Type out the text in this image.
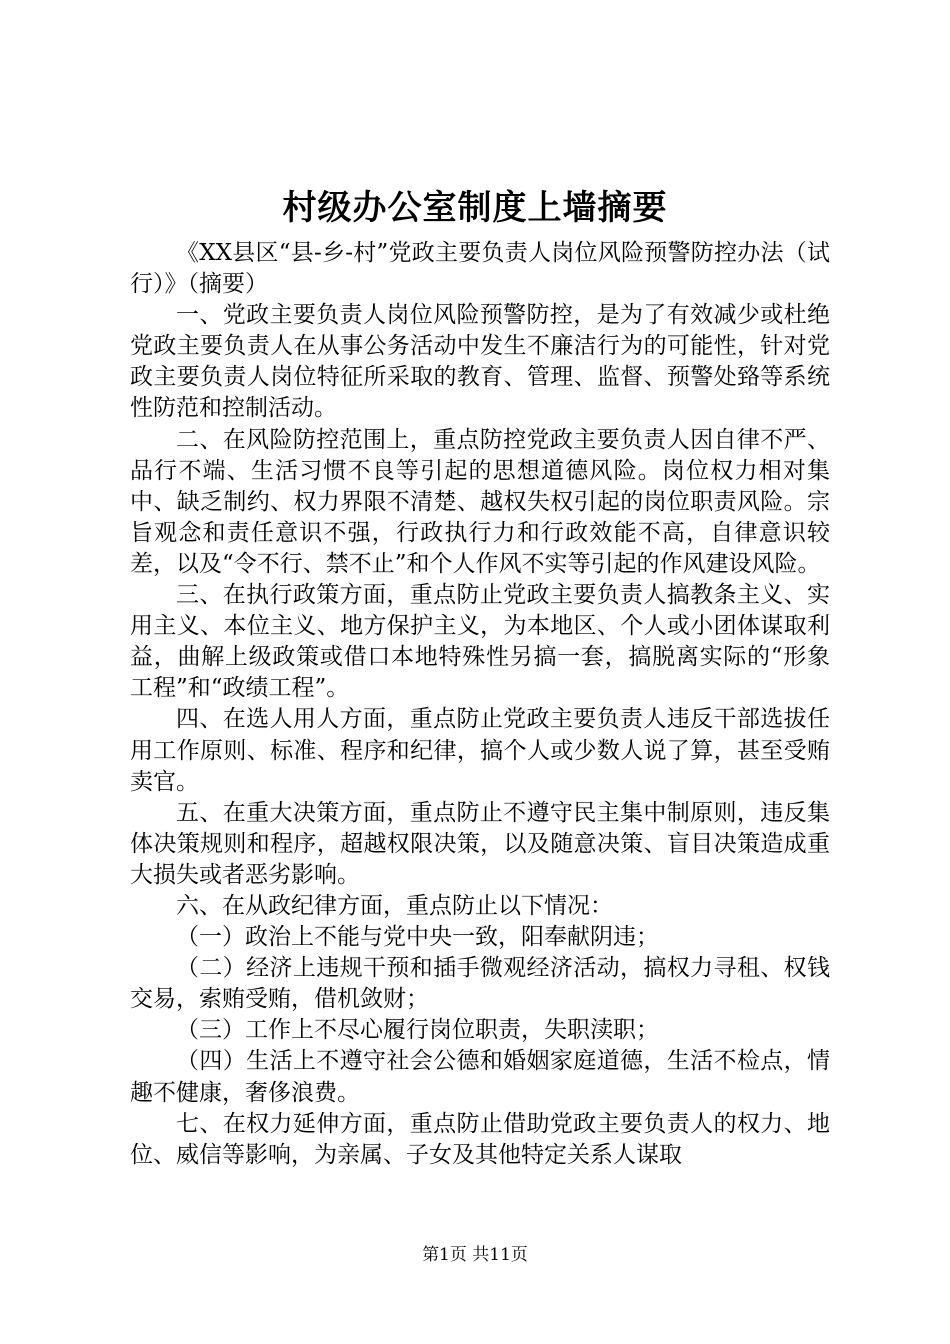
村级办公室制度上墙摘要

《XX县区“县-乡-村”党政主要负责人岗位风险预警防控办法（试行）》（摘要）

一、党政主要负责人岗位风险预警防控，是为了有效减少或杜绝党政主要负责人在从事公务活动中发生不廉洁行为的可能性，针对党政主要负责人岗位特征所采取的教育、管理、监督、预警处臵等系统性防范和控制活动。

二、在风险防控范围上，重点防控党政主要负责人因自律不严、品行不端、生活习惯不良等引起的思想道德风险。岗位权力相对集中、缺乏制约、权力界限不清楚、越权失权引起的岗位职责风险。宗旨观念和责任意识不强，行政执行力和行政效能不高，自律意识较差，以及“令不行、禁不止”和个人作风不实等引起的作风建设风险。

三、在执行政策方面，重点防止党政主要负责人搞教条主义、实用主义、本位主义、地方保护主义，为本地区、个人或小团体谋取利益，曲解上级政策或借口本地特殊性另搞一套，搞脱离实际的“形象工程”和“政绩工程”。

四、在选人用人方面，重点防止党政主要负责人违反干部选拔任用工作原则、标准、程序和纪律，搞个人或少数人说了算，甚至受贿卖官。

五、在重大决策方面，重点防止不遵守民主集中制原则，违反集体决策规则和程序，超越权限决策，以及随意决策、盲目决策造成重大损失或者恶劣影响。

六、在从政纪律方面，重点防止以下情况：

（一）政治上不能与党中央一致，阳奉献阴违；

（二）经济上违规干预和插手微观经济活动，搞权力寻租、权钱交易，索贿受贿，借机敛财；

（三）工作上不尽心履行岗位职责，失职渎职；

（四）生活上不遵守社会公德和婚姻家庭道德，生活不检点，情趣不健康，奢侈浪费。

七、在权力延伸方面，重点防止借助党政主要负责人的权力、地位、威信等影响，为亲属、子女及其他特定关系人谋取

第1页 共11页
